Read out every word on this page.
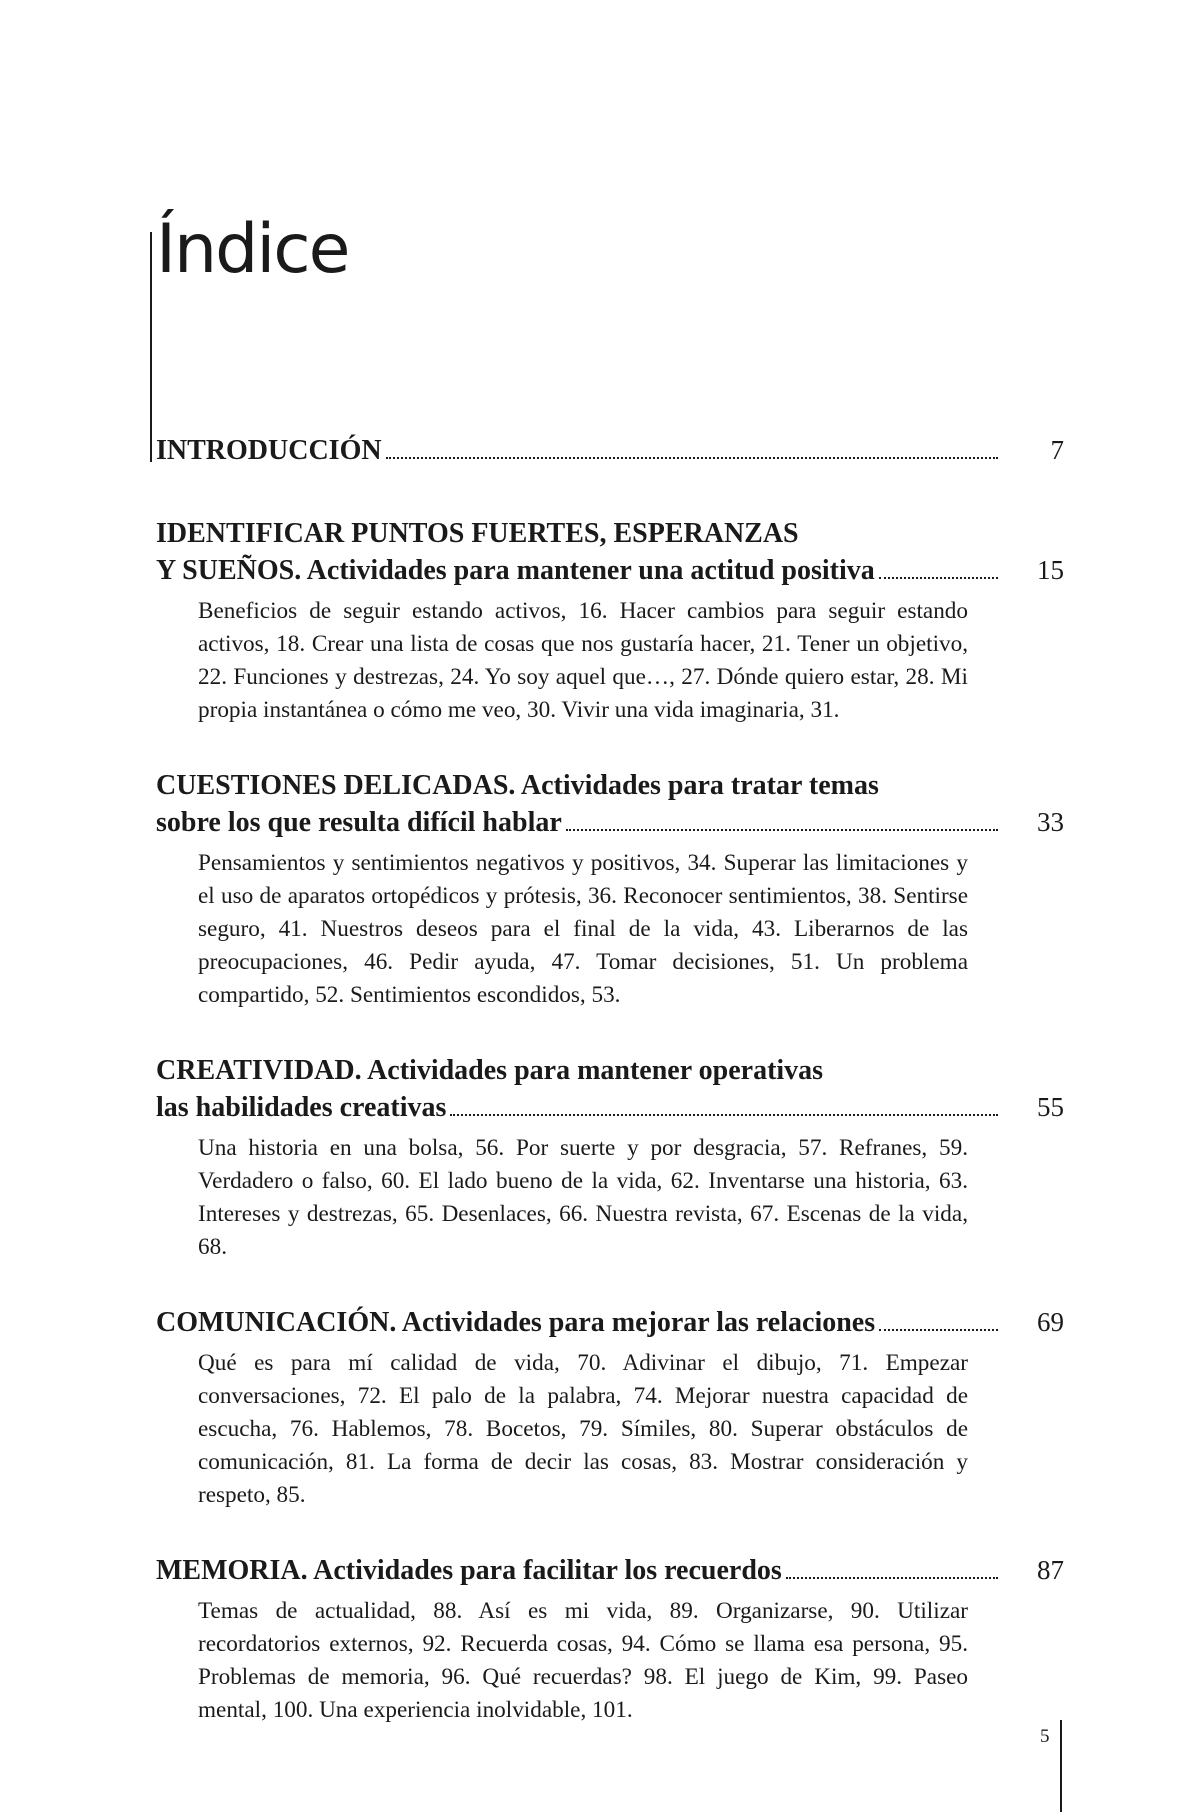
Índice
INTRODUCCIÓN	7
IDENTIFICAR PUNTOS FUERTES, ESPERANZAS
Y SUEÑOS. Actividades para mantener una actitud positiva	15

Beneficios de seguir estando activos, 16. Hacer cambios para seguir estando activos, 18. Crear una lista de cosas que nos gustaría hacer, 21. Tener un objetivo, 22. Funciones y destrezas, 24. Yo soy aquel que…, 27. Dónde quiero estar, 28. Mi propia instantánea o cómo me veo, 30. Vivir una vida imaginaria, 31.

CUESTIONES DELICADAS. Actividades para tratar temas
sobre los que resulta difícil hablar	33

Pensamientos y sentimientos negativos y positivos, 34. Superar las limitaciones y el uso de aparatos ortopédicos y prótesis, 36. Reconocer sentimientos, 38. Sentirse seguro, 41. Nuestros deseos para el final de la vida, 43. Liberarnos de las preocupaciones, 46. Pedir ayuda, 47. Tomar decisiones, 51. Un problema compartido, 52. Sentimientos escondidos, 53.

CREATIVIDAD. Actividades para mantener operativas
las habilidades creativas	55

Una historia en una bolsa, 56. Por suerte y por desgracia, 57. Refranes, 59. Verdadero o falso, 60. El lado bueno de la vida, 62. Inventarse una historia, 63. Intereses y destrezas, 65. Desenlaces, 66. Nuestra revista, 67. Escenas de la vida, 68.

COMUNICACIÓN. Actividades para mejorar las relaciones	69

Qué es para mí calidad de vida, 70. Adivinar el dibujo, 71. Empezar conversaciones, 72. El palo de la palabra, 74. Mejorar nuestra capacidad de escucha, 76. Hablemos, 78. Bocetos, 79. Símiles, 80. Superar obstáculos de comunicación, 81. La forma de decir las cosas, 83. Mostrar consideración y respeto, 85.

MEMORIA. Actividades para facilitar los recuerdos	87

Temas de actualidad, 88. Así es mi vida, 89. Organizarse, 90. Utilizar recordatorios externos, 92. Recuerda cosas, 94. Cómo se llama esa persona, 95. Problemas de memoria, 96. Qué recuerdas? 98. El juego de Kim, 99. Paseo mental, 100. Una experiencia inolvidable, 101.

5
